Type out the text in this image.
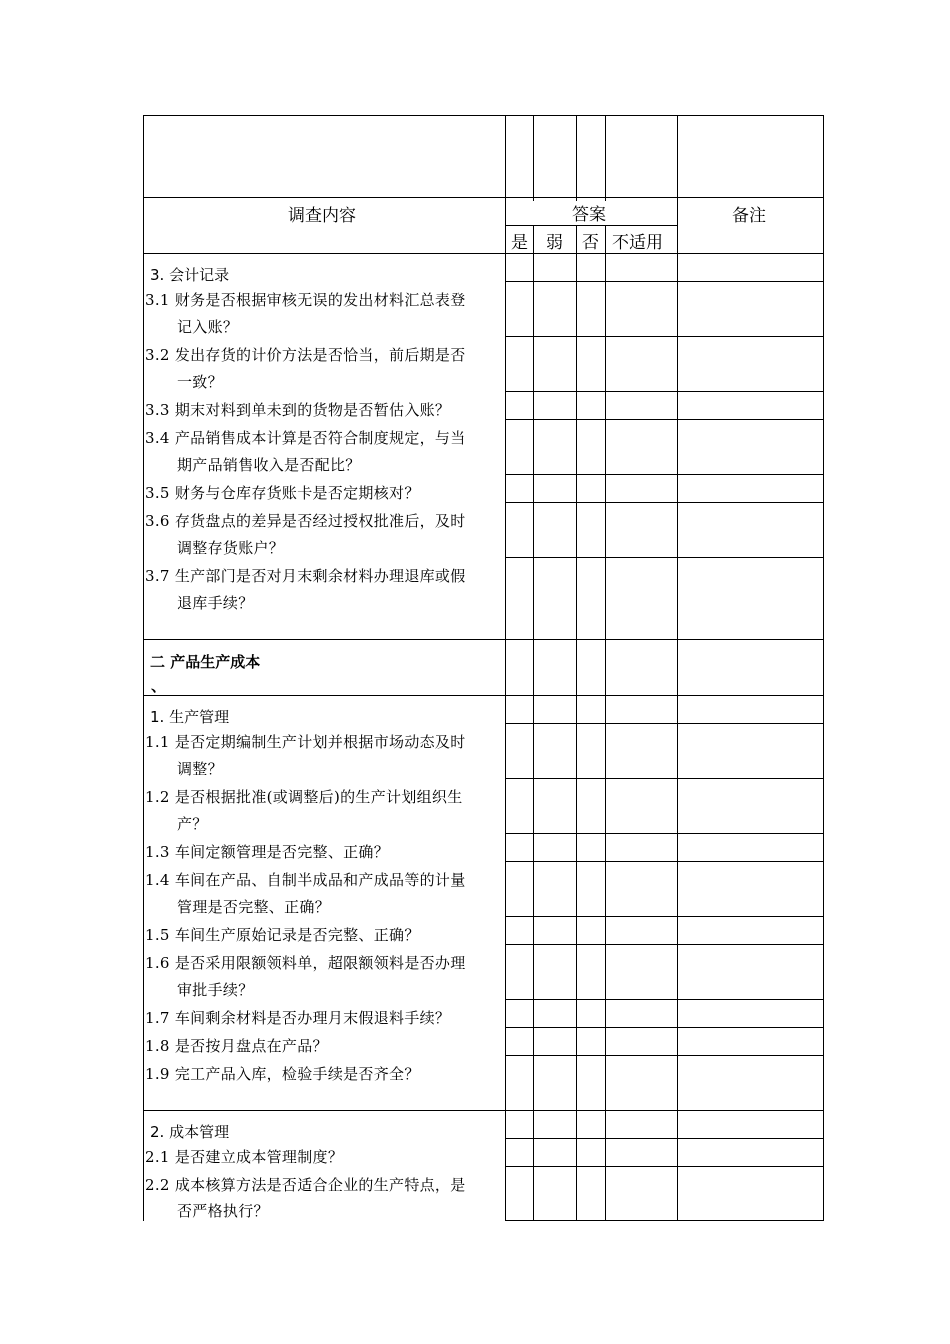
调查内容	答案	备注
是 弱 否 不适用
3. 会计记录
3.1 财务是否根据审核无误的发出材料汇总表登
记入账？
3.2 发出存货的计价方法是否恰当，前后期是否
一致？
3.3 期末对料到单未到的货物是否暂估入账？
3.4 产品销售成本计算是否符合制度规定，与当
期产品销售收入是否配比？
3.5 财务与仓库存货账卡是否定期核对？
3.6 存货盘点的差异是否经过授权批准后，及时
调整存货账户？
3.7 生产部门是否对月末剩余材料办理退库或假
退库手续？
二 产品生产成本
、
1. 生产管理
1.1 是否定期编制生产计划并根据市场动态及时
调整？
1.2 是否根据批准(或调整后)的生产计划组织生
产？
1.3 车间定额管理是否完整、正确？
1.4 车间在产品、自制半成品和产成品等的计量
管理是否完整、正确？
1.5 车间生产原始记录是否完整、正确？
1.6 是否采用限额领料单，超限额领料是否办理
审批手续？
1.7 车间剩余材料是否办理月末假退料手续？
1.8 是否按月盘点在产品？
1.9 完工产品入库，检验手续是否齐全？
2. 成本管理
2.1 是否建立成本管理制度？
2.2 成本核算方法是否适合企业的生产特点，是
否严格执行？
